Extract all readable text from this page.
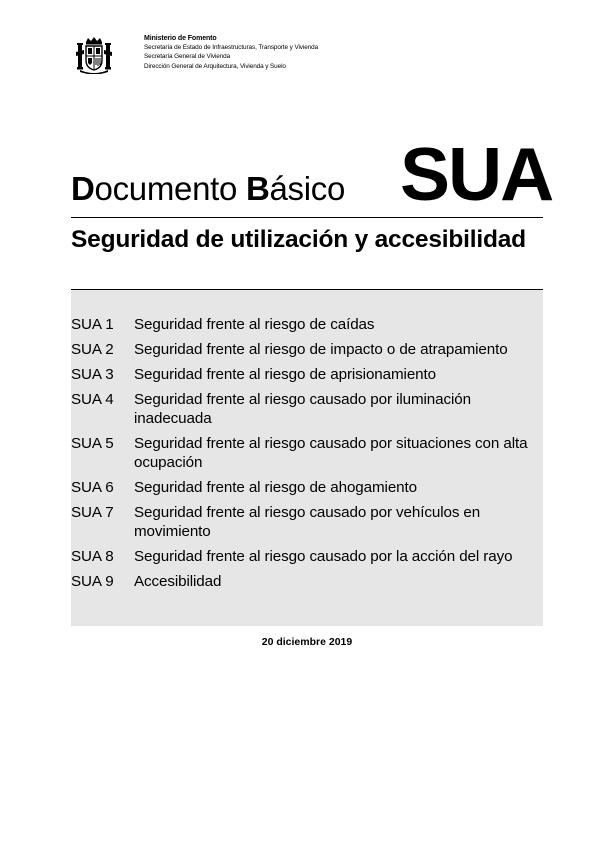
Ministerio de Fomento
Secretaría de Estado de Infraestructuras, Transporte y Vivienda
Secretaría General de Vivienda
Dirección General de Arquitectura, Vivienda y Suelo
Documento Básico SUA
Seguridad de utilización y accesibilidad
SUA 1	Seguridad frente al riesgo de caídas
SUA 2	Seguridad frente al riesgo de impacto o de atrapamiento
SUA 3	Seguridad frente al riesgo de aprisionamiento
SUA 4	Seguridad frente al riesgo causado por iluminación inadecuada
SUA 5	Seguridad frente al riesgo causado por situaciones con alta ocupación
SUA 6	Seguridad frente al riesgo de ahogamiento
SUA 7	Seguridad frente al riesgo causado por vehículos en movimiento
SUA 8	Seguridad frente al riesgo causado por la acción del rayo
SUA 9	Accesibilidad
20 diciembre 2019
